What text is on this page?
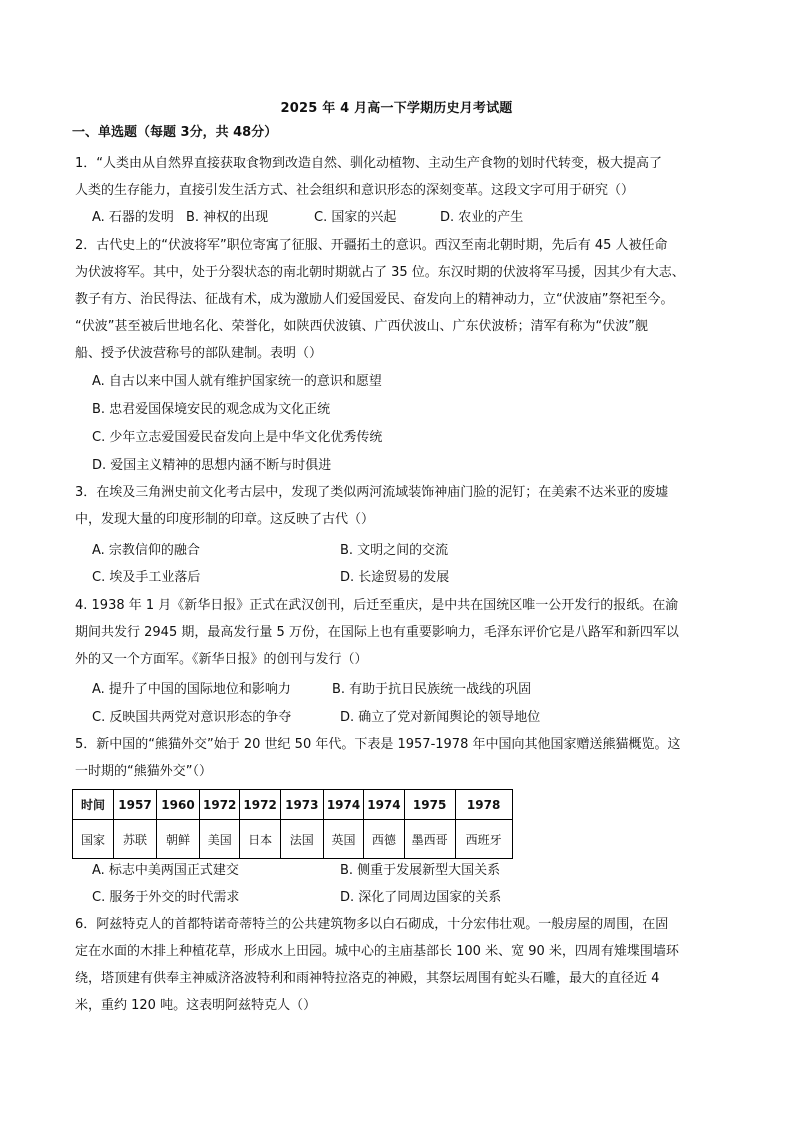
2025 年 4 月高一下学期历史月考试题
一、单选题（每题 3分，共 48分）
1．“人类由从自然界直接获取食物到改造自然、驯化动植物、主动生产食物的划时代转变，极大提高了
人类的生存能力，直接引发生活方式、社会组织和意识形态的深刻变革。这段文字可用于研究（）
A. 石器的发明 B. 神权的出现	C. 国家的兴起	D. 农业的产生
2．古代史上的“伏波将军”职位寄寓了征服、开疆拓土的意识。西汉至南北朝时期，先后有 45 人被任命
为伏波将军。其中，处于分裂状态的南北朝时期就占了 35 位。东汉时期的伏波将军马援，因其少有大志、
教子有方、治民得法、征战有术，成为激励人们爱国爱民、奋发向上的精神动力，立“伏波庙”祭祀至今。
“伏波”甚至被后世地名化、荣誉化，如陕西伏波镇、广西伏波山、广东伏波桥；清军有称为“伏波”舰
船、授予伏波营称号的部队建制。表明（）
A. 自古以来中国人就有维护国家统一的意识和愿望
B. 忠君爱国保境安民的观念成为文化正统
C. 少年立志爱国爱民奋发向上是中华文化优秀传统
D. 爱国主义精神的思想内涵不断与时俱进
3．在埃及三角洲史前文化考古层中，发现了类似两河流域装饰神庙门脸的泥钉；在美索不达米亚的废墟
中，发现大量的印度形制的印章。这反映了古代（）
A. 宗教信仰的融合	B. 文明之间的交流
C. 埃及手工业落后	D. 长途贸易的发展
4. 1938 年 1 月《新华日报》正式在武汉创刊，后迁至重庆，是中共在国统区唯一公开发行的报纸。在渝
期间共发行 2945 期，最高发行量 5 万份，在国际上也有重要影响力，毛泽东评价它是八路军和新四军以
外的又一个方面军。《新华日报》的创刊与发行（）
A. 提升了中国的国际地位和影响力	B. 有助于抗日民族统一战线的巩固
C. 反映国共两党对意识形态的争夺	D. 确立了党对新闻舆论的领导地位
5．新中国的“熊猫外交”始于 20 世纪 50 年代。下表是 1957-1978 年中国向其他国家赠送熊猫概览。这
一时期的“熊猫外交”（）
时间	1957	1960	1972	1972	1973	1974	1974	1975	1978
国家	苏联	朝鲜	美国	日本	法国	英国	西德	墨西哥	西班牙
A. 标志中美两国正式建交	B. 侧重于发展新型大国关系
C. 服务于外交的时代需求	D. 深化了同周边国家的关系
6．阿兹特克人的首都特诺奇蒂特兰的公共建筑物多以白石砌成，十分宏伟壮观。一般房屋的周围，在固
定在水面的木排上种植花草，形成水上田园。城中心的主庙基部长 100 米、宽 90 米，四周有雉堞围墙环
绕，塔顶建有供奉主神威济洛波特利和雨神特拉洛克的神殿，其祭坛周围有蛇头石雕，最大的直径近 4
米，重约 120 吨。这表明阿兹特克人（）
